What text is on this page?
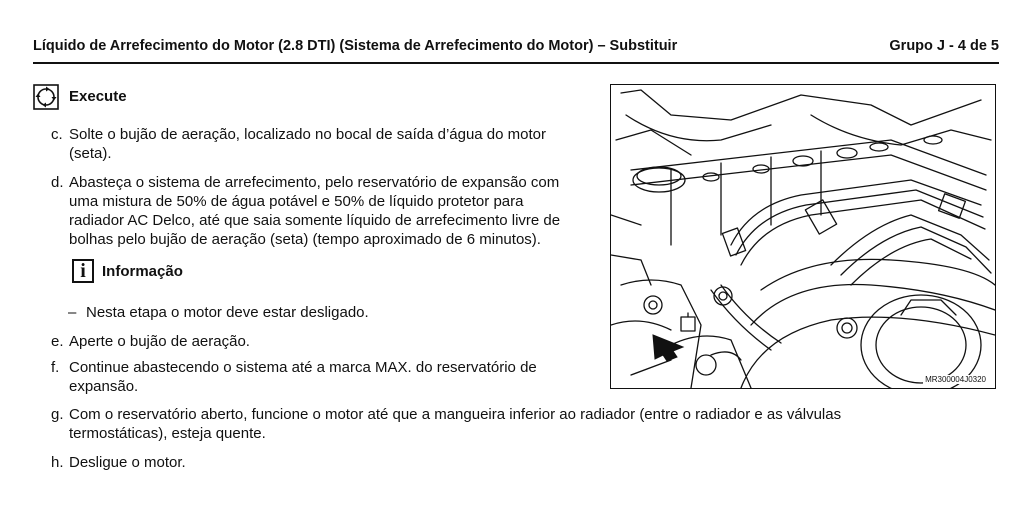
Líquido de Arrefecimento do Motor (2.8 DTI) (Sistema de Arrefecimento do Motor) – Substituir	Grupo J - 4 de 5
Execute
c. Solte o bujão de aeração, localizado no bocal de saída d’água do motor
(seta).
d. Abasteça o sistema de arrefecimento, pelo reservatório de expansão com
uma mistura de 50% de água potável e 50% de líquido protetor para
radiador AC Delco, até que saia somente líquido de arrefecimento livre de
bolhas pelo bujão de aeração (seta) (tempo aproximado de 6 minutos).
i	Informação
– Nesta etapa o motor deve estar desligado.
e. Aperte o bujão de aeração.
f. Continue abastecendo o sistema até a marca MAX. do reservatório de
expansão.
g. Com o reservatório aberto, funcione o motor até que a mangueira inferior ao radiador (entre o radiador e as válvulas
termostáticas), esteja quente.
h. Desligue o motor.
MR300004J0320
